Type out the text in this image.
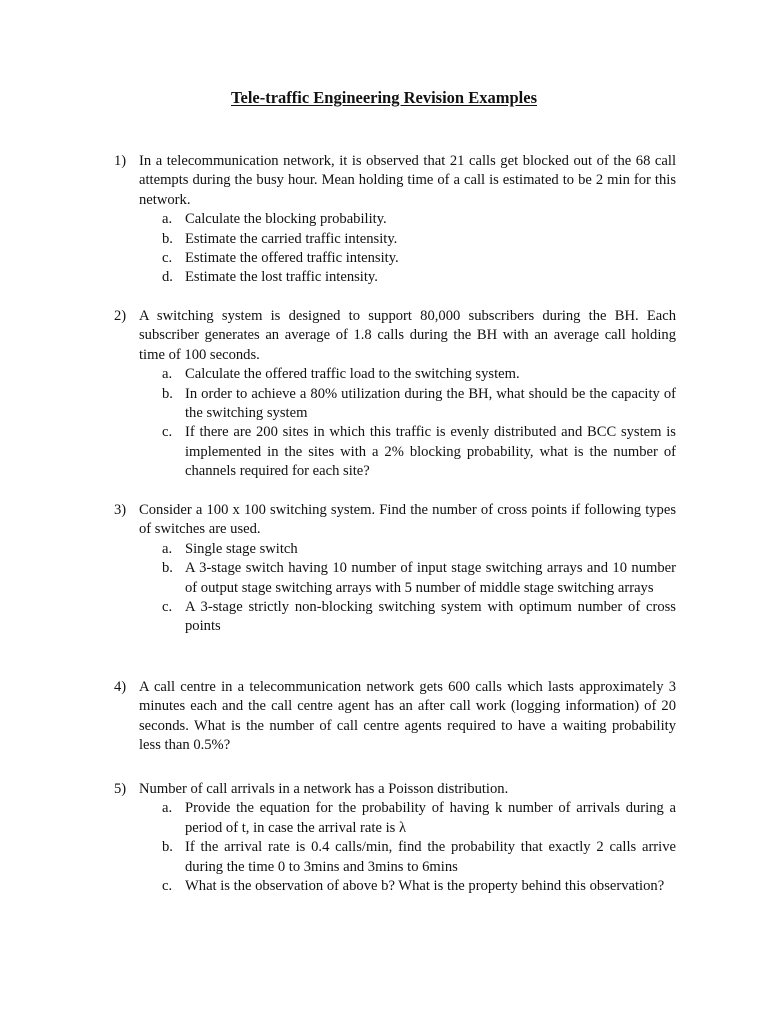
Tele-traffic Engineering Revision Examples
1) In a telecommunication network, it is observed that 21 calls get blocked out of the 68 call attempts during the busy hour. Mean holding time of a call is estimated to be 2 min for this network.
a. Calculate the blocking probability.
b. Estimate the carried traffic intensity.
c. Estimate the offered traffic intensity.
d. Estimate the lost traffic intensity.
2) A switching system is designed to support 80,000 subscribers during the BH. Each subscriber generates an average of 1.8 calls during the BH with an average call holding time of 100 seconds.
a. Calculate the offered traffic load to the switching system.
b. In order to achieve a 80% utilization during the BH, what should be the capacity of the switching system
c. If there are 200 sites in which this traffic is evenly distributed and BCC system is implemented in the sites with a 2% blocking probability, what is the number of channels required for each site?
3) Consider a 100 x 100 switching system. Find the number of cross points if following types of switches are used.
a. Single stage switch
b. A 3-stage switch having 10 number of input stage switching arrays and 10 number of output stage switching arrays with 5 number of middle stage switching arrays
c. A 3-stage strictly non-blocking switching system with optimum number of cross points
4) A call centre in a telecommunication network gets 600 calls which lasts approximately 3 minutes each and the call centre agent has an after call work (logging information) of 20 seconds. What is the number of call centre agents required to have a waiting probability less than 0.5%?
5) Number of call arrivals in a network has a Poisson distribution.
a. Provide the equation for the probability of having k number of arrivals during a period of t, in case the arrival rate is λ
b. If the arrival rate is 0.4 calls/min, find the probability that exactly 2 calls arrive during the time 0 to 3mins and 3mins to 6mins
c. What is the observation of above b? What is the property behind this observation?
